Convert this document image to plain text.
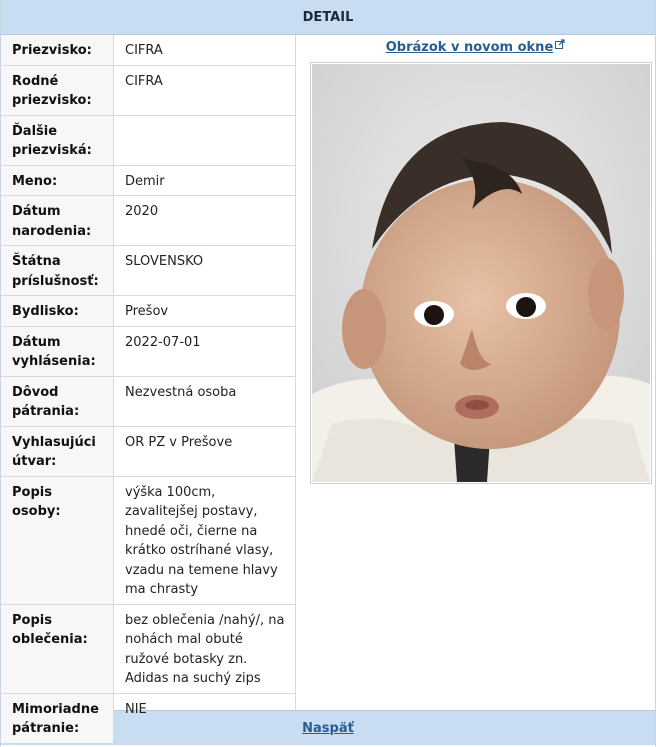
DETAIL
Priezvisko:	CIFRA
Rodné priezvisko:	CIFRA
Ďalšie priezviská:	
Meno:	Demir
Dátum narodenia:	2020
Štátna príslušnosť:	SLOVENSKO
Bydlisko:	Prešov
Dátum vyhlásenia:	2022-07-01
Dôvod pátrania:	Nezvestná osoba
Vyhlasujúci útvar:	OR PZ v Prešove
Popis osoby:	výška 100cm, zavalitejšej postavy, hnedé oči, čierne na krátko ostríhané vlasy, vzadu na temene hlavy ma chrasty
Popis oblečenia:	bez oblečenia /nahý/, na nohách mal obuté ružové botasky zn. Adidas na suchý zips
Mimoriadne pátranie:	NIE
Obrázok v novom okne
Naspäť
